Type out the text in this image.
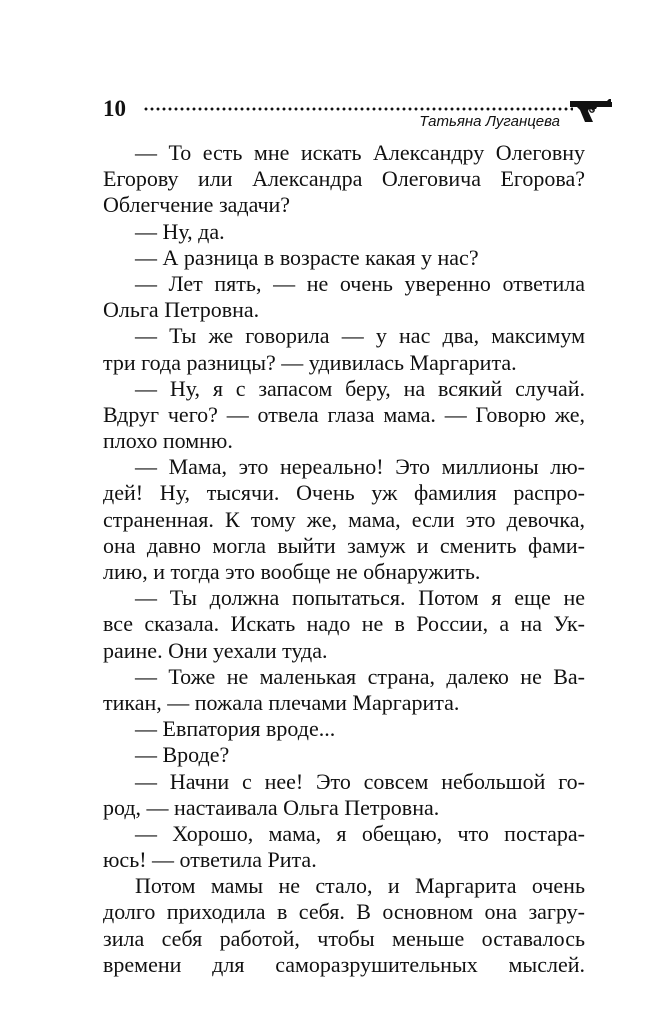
10
Татьяна Луганцева
— То есть мне искать Александру Олеговну
Егорову или Александра Олеговича Егорова?
Облегчение задачи?
— Ну, да.
— А разница в возрасте какая у нас?
— Лет пять, — не очень уверенно ответила
Ольга Петровна.
— Ты же говорила — у нас два, максимум
три года разницы? — удивилась Маргарита.
— Ну, я с запасом беру, на всякий случай.
Вдруг чего? — отвела глаза мама. — Говорю же,
плохо помню.
— Мама, это нереально! Это миллионы лю-
дей! Ну, тысячи. Очень уж фамилия распро-
страненная. К тому же, мама, если это девочка,
она давно могла выйти замуж и сменить фами-
лию, и тогда это вообще не обнаружить.
— Ты должна попытаться. Потом я еще не
все сказала. Искать надо не в России, а на Ук-
раине. Они уехали туда.
— Тоже не маленькая страна, далеко не Ва-
тикан, — пожала плечами Маргарита.
— Евпатория вроде...
— Вроде?
— Начни с нее! Это совсем небольшой го-
род, — настаивала Ольга Петровна.
— Хорошо, мама, я обещаю, что постара-
юсь! — ответила Рита.
Потом мамы не стало, и Маргарита очень
долго приходила в себя. В основном она загру-
зила себя работой, чтобы меньше оставалось
времени для саморазрушительных мыслей.
